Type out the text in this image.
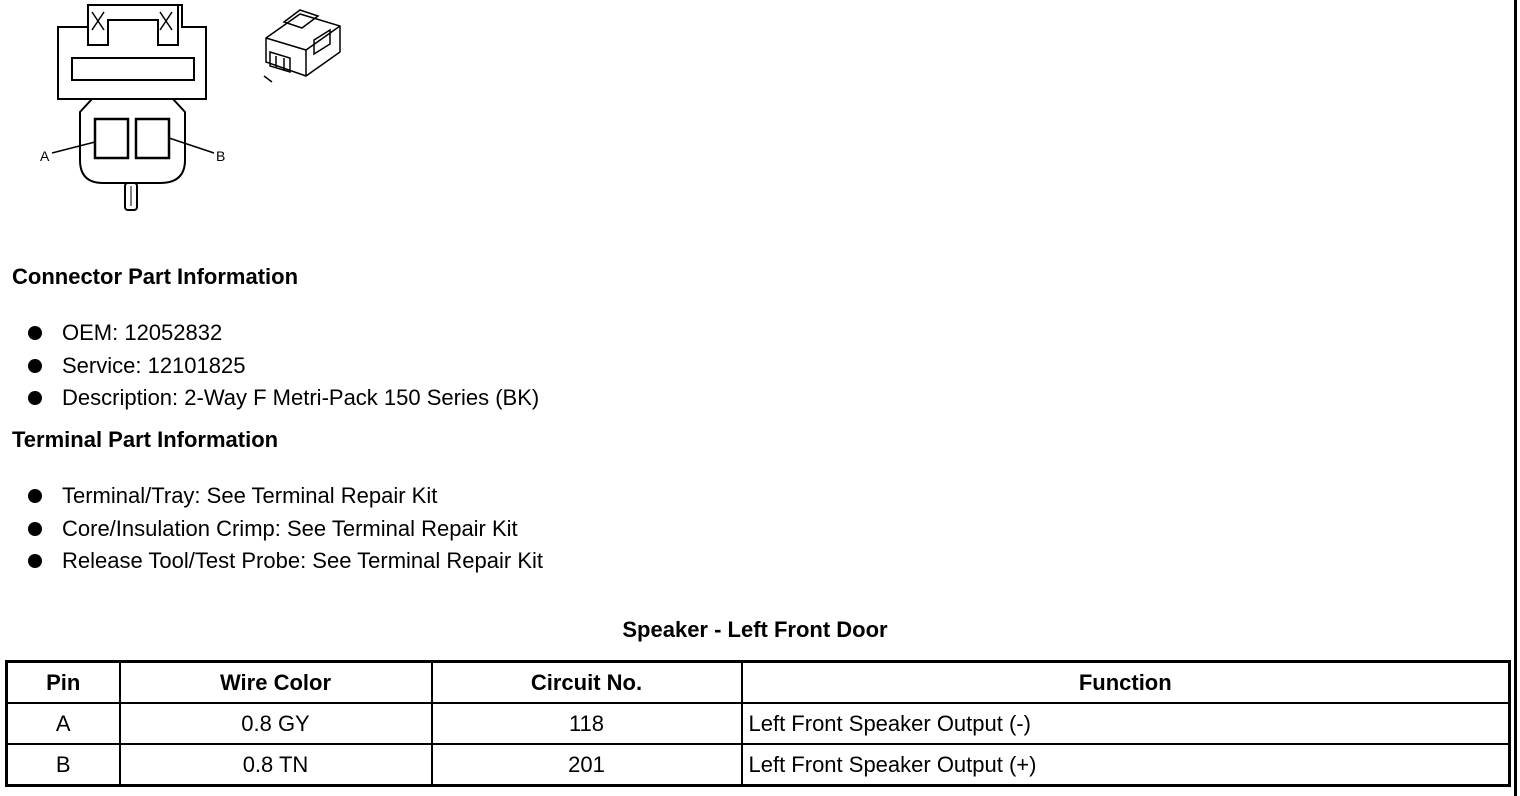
A	B
Connector Part Information
OEM: 12052832
Service: 12101825
Description: 2-Way F Metri-Pack 150 Series (BK)
Terminal Part Information
Terminal/Tray: See Terminal Repair Kit
Core/Insulation Crimp: See Terminal Repair Kit
Release Tool/Test Probe: See Terminal Repair Kit
Speaker - Left Front Door
Pin	Wire Color	Circuit No.	Function
A	0.8 GY	118	Left Front Speaker Output (-)
B	0.8 TN	201	Left Front Speaker Output (+)
